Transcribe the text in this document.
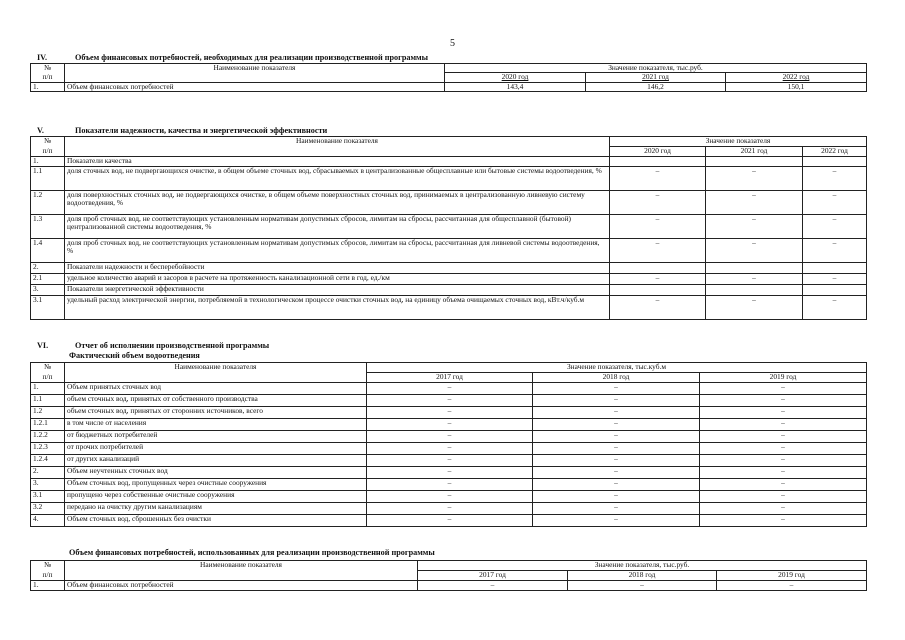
5
IV.	Объем финансовых потребностей, необходимых для реализации производственной программы
№	Наименование показателя	Значение показателя, тыс.руб.		
п/п		2020 год	2021 год	2022 год
1.	Объем финансовых потребностей	143,4	146,2	150,1
V.	Показатели надежности, качества и энергетической эффективности
№	Наименование показателя	Значение показателя		
п/п		2020 год	2021 год	2022 год
1.	Показатели качества			
1.1	доля сточных вод, не подвергающихся очистке, в общем объеме сточных вод, сбрасываемых в централизованные общесплавные или бытовые системы водоотведения, %	–	–	–
1.2	доля поверхностных сточных вод, не подвергающихся очистке, в общем объеме поверхностных сточных вод, принимаемых в централизованную ливневую систему водоотведения, %	–	–	–
1.3	доля проб сточных вод, не соответствующих установленным нормативам допустимых сбросов, лимитам на сбросы, рассчитанная для общесплавной (бытовой) централизованной системы водоотведения, %	–	–	–
1.4	доля проб сточных вод, не соответствующих установленным нормативам допустимых сбросов, лимитам на сбросы, рассчитанная для ливневой системы водоотведения, %	–	–	–
2.	Показатели надежности и бесперебойности			
2.1	удельное количество аварий и засоров в расчете на протяженность канализационной сети в год, ед./км	–	–	–
3.	Показатели энергетической эффективности			
3.1	удельный расход электрической энергии, потребляемой в технологическом процессе очистки сточных вод, на единицу объема очищаемых сточных вод, кВт.ч/куб.м	–	–	–
VI.	Отчет об исполнении производственной программы
Фактический объем водоотведения
№	Наименование показателя	Значение показателя, тыс.куб.м		
п/п		2017 год	2018 год	2019 год
1.	Объем принятых сточных вод	–	–	–
1.1	объем сточных вод, принятых от собственного производства	–	–	–
1.2	объем сточных вод, принятых от сторонних источников, всего	–	–	–
1.2.1	в том числе от населения	–	–	–
1.2.2	от бюджетных потребителей	–	–	–
1.2.3	от прочих потребителей	–	–	–
1.2.4	от других канализаций	–	–	–
2.	Объем неучтенных сточных вод	–	–	–
3.	Объем сточных вод, пропущенных через очистные сооружения	–	–	–
3.1	пропущено через собственные очистные сооружения	–	–	–
3.2	передано на очистку другим канализациям	–	–	–
4.	Объем сточных вод, сброшенных без очистки	–	–	–
Объем финансовых потребностей, использованных для реализации производственной программы
№	Наименование показателя	Значение показателя, тыс.руб.		
п/п		2017 год	2018 год	2019 год
1.	Объем финансовых потребностей	–	–	–
